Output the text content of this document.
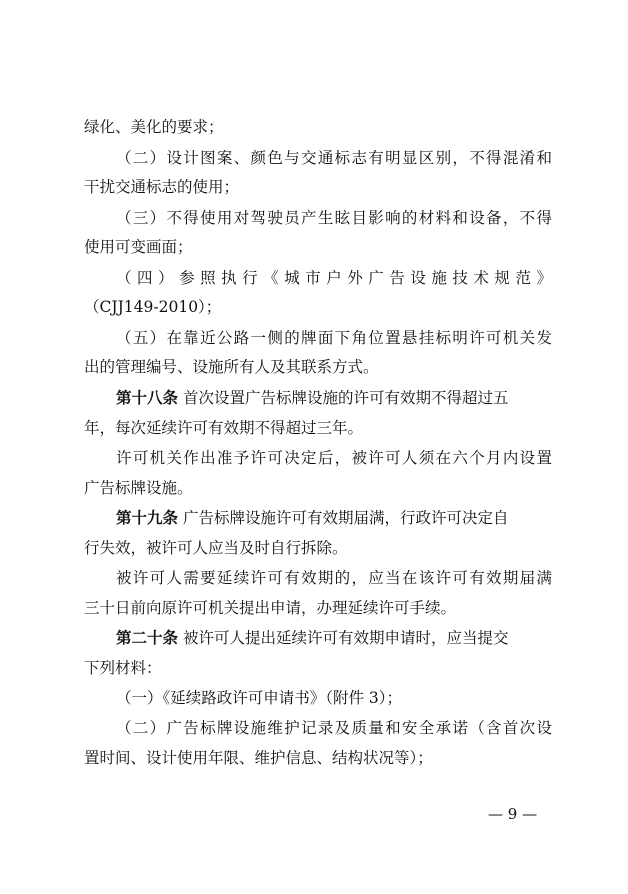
绿化、美化的要求；
（二）设计图案、颜色与交通标志有明显区别，不得混淆和
干扰交通标志的使用；
（三）不得使用对驾驶员产生眩目影响的材料和设备，不得
使用可变画面；
（四）参照执行《城市户外广告设施技术规范》
（CJJ149-2010）；
（五）在靠近公路一侧的牌面下角位置悬挂标明许可机关发
出的管理编号、设施所有人及其联系方式。
第十八条 首次设置广告标牌设施的许可有效期不得超过五
年，每次延续许可有效期不得超过三年。
许可机关作出准予许可决定后，被许可人须在六个月内设置
广告标牌设施。
第十九条 广告标牌设施许可有效期届满，行政许可决定自
行失效，被许可人应当及时自行拆除。
被许可人需要延续许可有效期的，应当在该许可有效期届满
三十日前向原许可机关提出申请，办理延续许可手续。
第二十条 被许可人提出延续许可有效期申请时，应当提交
下列材料：
（一）《延续路政许可申请书》（附件 3）；
（二）广告标牌设施维护记录及质量和安全承诺（含首次设
置时间、设计使用年限、维护信息、结构状况等）；
— 9 —
